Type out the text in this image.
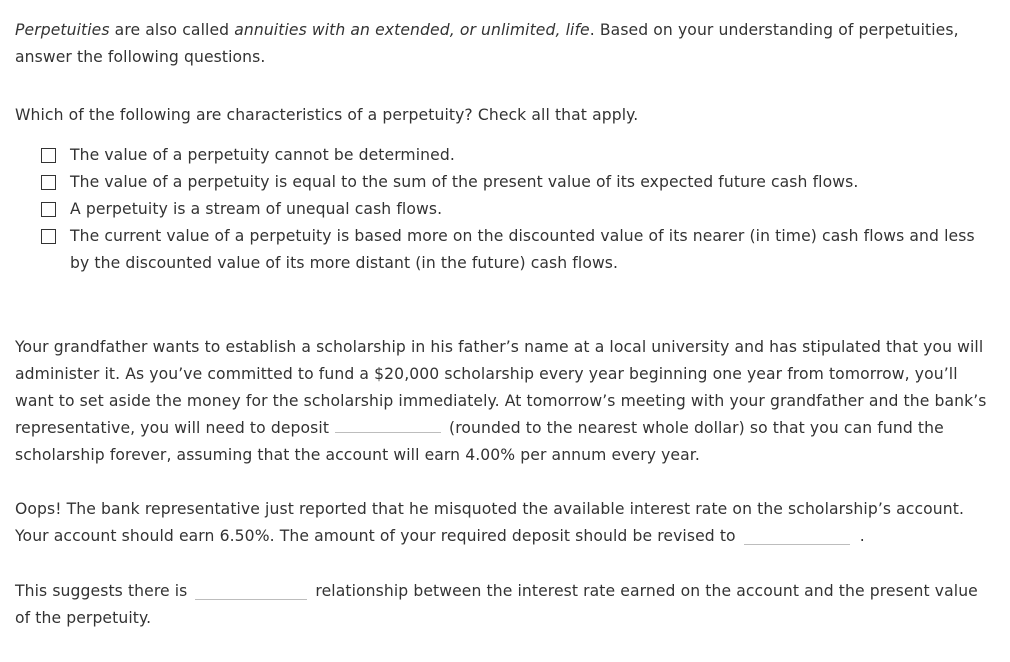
Perpetuities are also called annuities with an extended, or unlimited, life. Based on your understanding of perpetuities, answer the following questions.

Which of the following are characteristics of a perpetuity? Check all that apply.

The value of a perpetuity cannot be determined.
The value of a perpetuity is equal to the sum of the present value of its expected future cash flows.
A perpetuity is a stream of unequal cash flows.
The current value of a perpetuity is based more on the discounted value of its nearer (in time) cash flows and less by the discounted value of its more distant (in the future) cash flows.

Your grandfather wants to establish a scholarship in his father’s name at a local university and has stipulated that you will administer it. As you’ve committed to fund a $20,000 scholarship every year beginning one year from tomorrow, you’ll want to set aside the money for the scholarship immediately. At tomorrow’s meeting with your grandfather and the bank’s representative, you will need to deposit	(rounded to the nearest whole dollar) so that you can fund the scholarship forever, assuming that the account will earn 4.00% per annum every year.

Oops! The bank representative just reported that he misquoted the available interest rate on the scholarship’s account. Your account should earn 6.50%. The amount of your required deposit should be revised to	.

This suggests there is	relationship between the interest rate earned on the account and the present value of the perpetuity.
